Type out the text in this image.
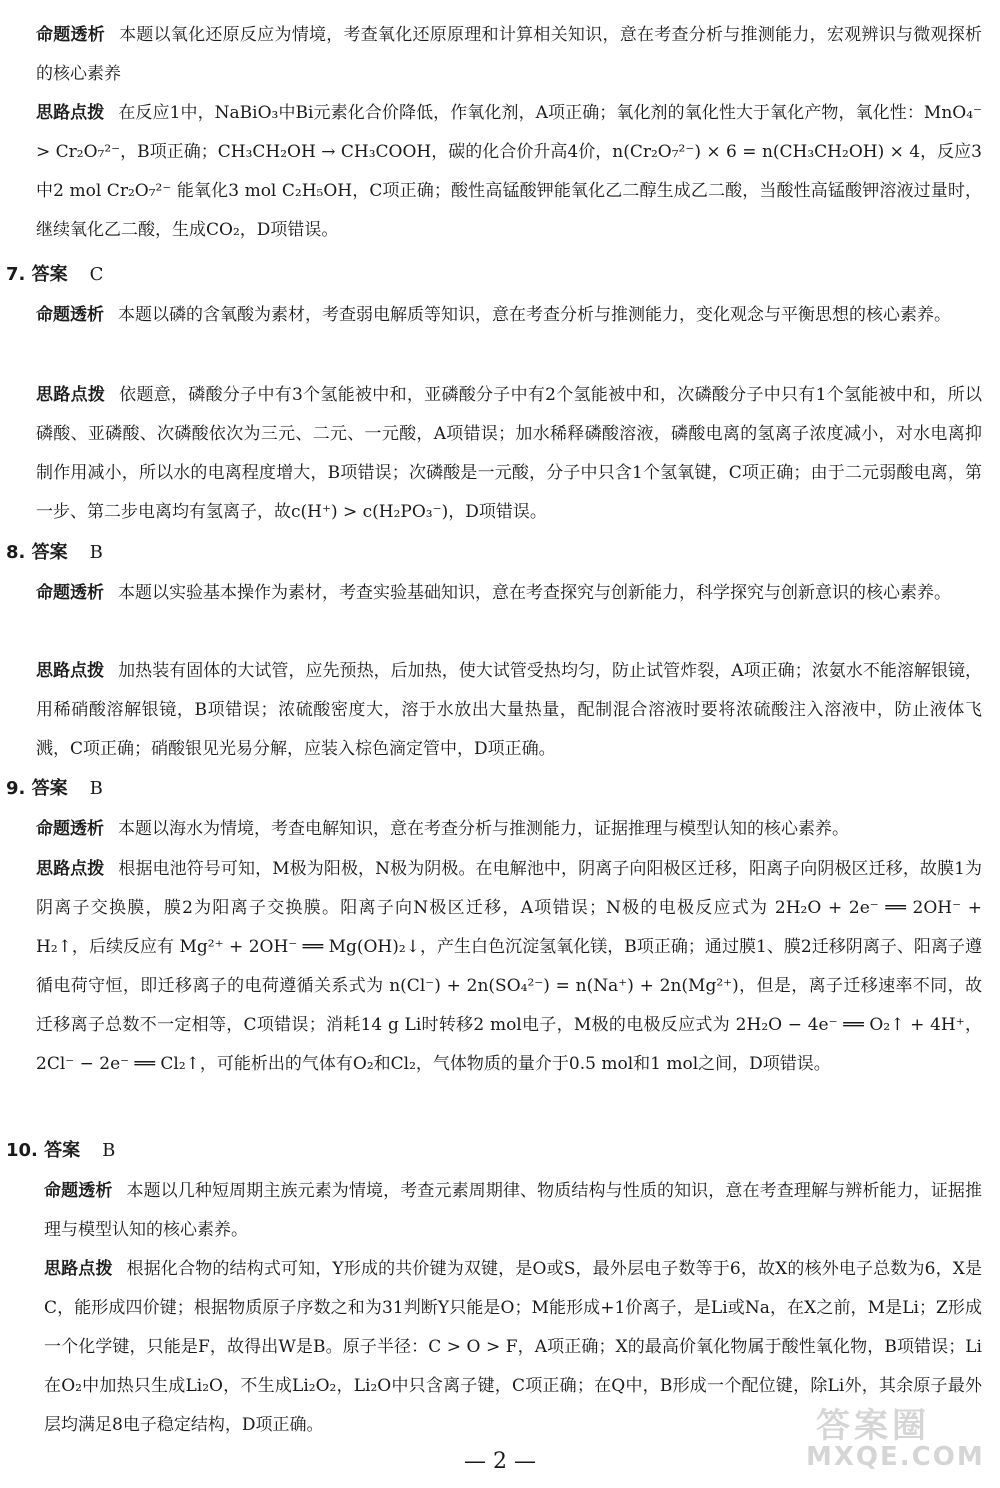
命题透析 本题以氧化还原反应为情境，考查氧化还原原理和计算相关知识，意在考查分析与推测能力，宏观辨识与微观探析的核心素养

思路点拨 在反应1中，NaBiO₃中Bi元素化合价降低，作氧化剂，A项正确；氧化剂的氧化性大于氧化产物，氧化性：MnO₄⁻ > Cr₂O₇²⁻，B项正确；CH₃CH₂OH → CH₃COOH，碳的化合价升高4价，n(Cr₂O₇²⁻) × 6 = n(CH₃CH₂OH) × 4，反应3中2 mol Cr₂O₇²⁻ 能氧化3 mol C₂H₅OH，C项正确；酸性高锰酸钾能氧化乙二醇生成乙二酸，当酸性高锰酸钾溶液过量时，继续氧化乙二酸，生成CO₂，D项错误。

7. 答案 C

命题透析 本题以磷的含氧酸为素材，考查弱电解质等知识，意在考查分析与推测能力，变化观念与平衡思想的核心素养。

思路点拨 依题意，磷酸分子中有3个氢能被中和，亚磷酸分子中有2个氢能被中和，次磷酸分子中只有1个氢能被中和，所以磷酸、亚磷酸、次磷酸依次为三元、二元、一元酸，A项错误；加水稀释磷酸溶液，磷酸电离的氢离子浓度减小，对水电离抑制作用减小，所以水的电离程度增大，B项错误；次磷酸是一元酸，分子中只含1个氢氧键，C项正确；由于二元弱酸电离，第一步、第二步电离均有氢离子，故c(H⁺) > c(H₂PO₃⁻)，D项错误。

8. 答案 B

命题透析 本题以实验基本操作为素材，考查实验基础知识，意在考查探究与创新能力，科学探究与创新意识的核心素养。

思路点拨 加热装有固体的大试管，应先预热，后加热，使大试管受热均匀，防止试管炸裂，A项正确；浓氨水不能溶解银镜，用稀硝酸溶解银镜，B项错误；浓硫酸密度大，溶于水放出大量热量，配制混合溶液时要将浓硫酸注入溶液中，防止液体飞溅，C项正确；硝酸银见光易分解，应装入棕色滴定管中，D项正确。

9. 答案 B

命题透析 本题以海水为情境，考查电解知识，意在考查分析与推测能力，证据推理与模型认知的核心素养。

思路点拨 根据电池符号可知，M极为阳极，N极为阴极。在电解池中，阴离子向阳极区迁移，阳离子向阴极区迁移，故膜1为阴离子交换膜，膜2为阳离子交换膜。阳离子向N极区迁移，A项错误；N极的电极反应式为 2H₂O + 2e⁻ ══ 2OH⁻ + H₂↑，后续反应有 Mg²⁺ + 2OH⁻ ══ Mg(OH)₂↓，产生白色沉淀氢氧化镁，B项正确；通过膜1、膜2迁移阴离子、阳离子遵循电荷守恒，即迁移离子的电荷遵循关系式为 n(Cl⁻) + 2n(SO₄²⁻) = n(Na⁺) + 2n(Mg²⁺)，但是，离子迁移速率不同，故迁移离子总数不一定相等，C项错误；消耗14 g Li时转移2 mol电子，M极的电极反应式为 2H₂O − 4e⁻ ══ O₂↑ + 4H⁺，2Cl⁻ − 2e⁻ ══ Cl₂↑，可能析出的气体有O₂和Cl₂，气体物质的量介于0.5 mol和1 mol之间，D项错误。

10. 答案 B

命题透析 本题以几种短周期主族元素为情境，考查元素周期律、物质结构与性质的知识，意在考查理解与辨析能力，证据推理与模型认知的核心素养。

思路点拨 根据化合物的结构式可知，Y形成的共价键为双键，是O或S，最外层电子数等于6，故X的核外电子总数为6，X是C，能形成四价键；根据物质原子序数之和为31判断Y只能是O；M能形成+1价离子，是Li或Na，在X之前，M是Li；Z形成一个化学键，只能是F，故得出W是B。原子半径：C > O > F，A项正确；X的最高价氧化物属于酸性氧化物，B项错误；Li在O₂中加热只生成Li₂O，不生成Li₂O₂，Li₂O中只含离子键，C项正确；在Q中，B形成一个配位键，除Li外，其余原子最外层均满足8电子稳定结构，D项正确。

— 2 —
答案圈
MXQE.COM
